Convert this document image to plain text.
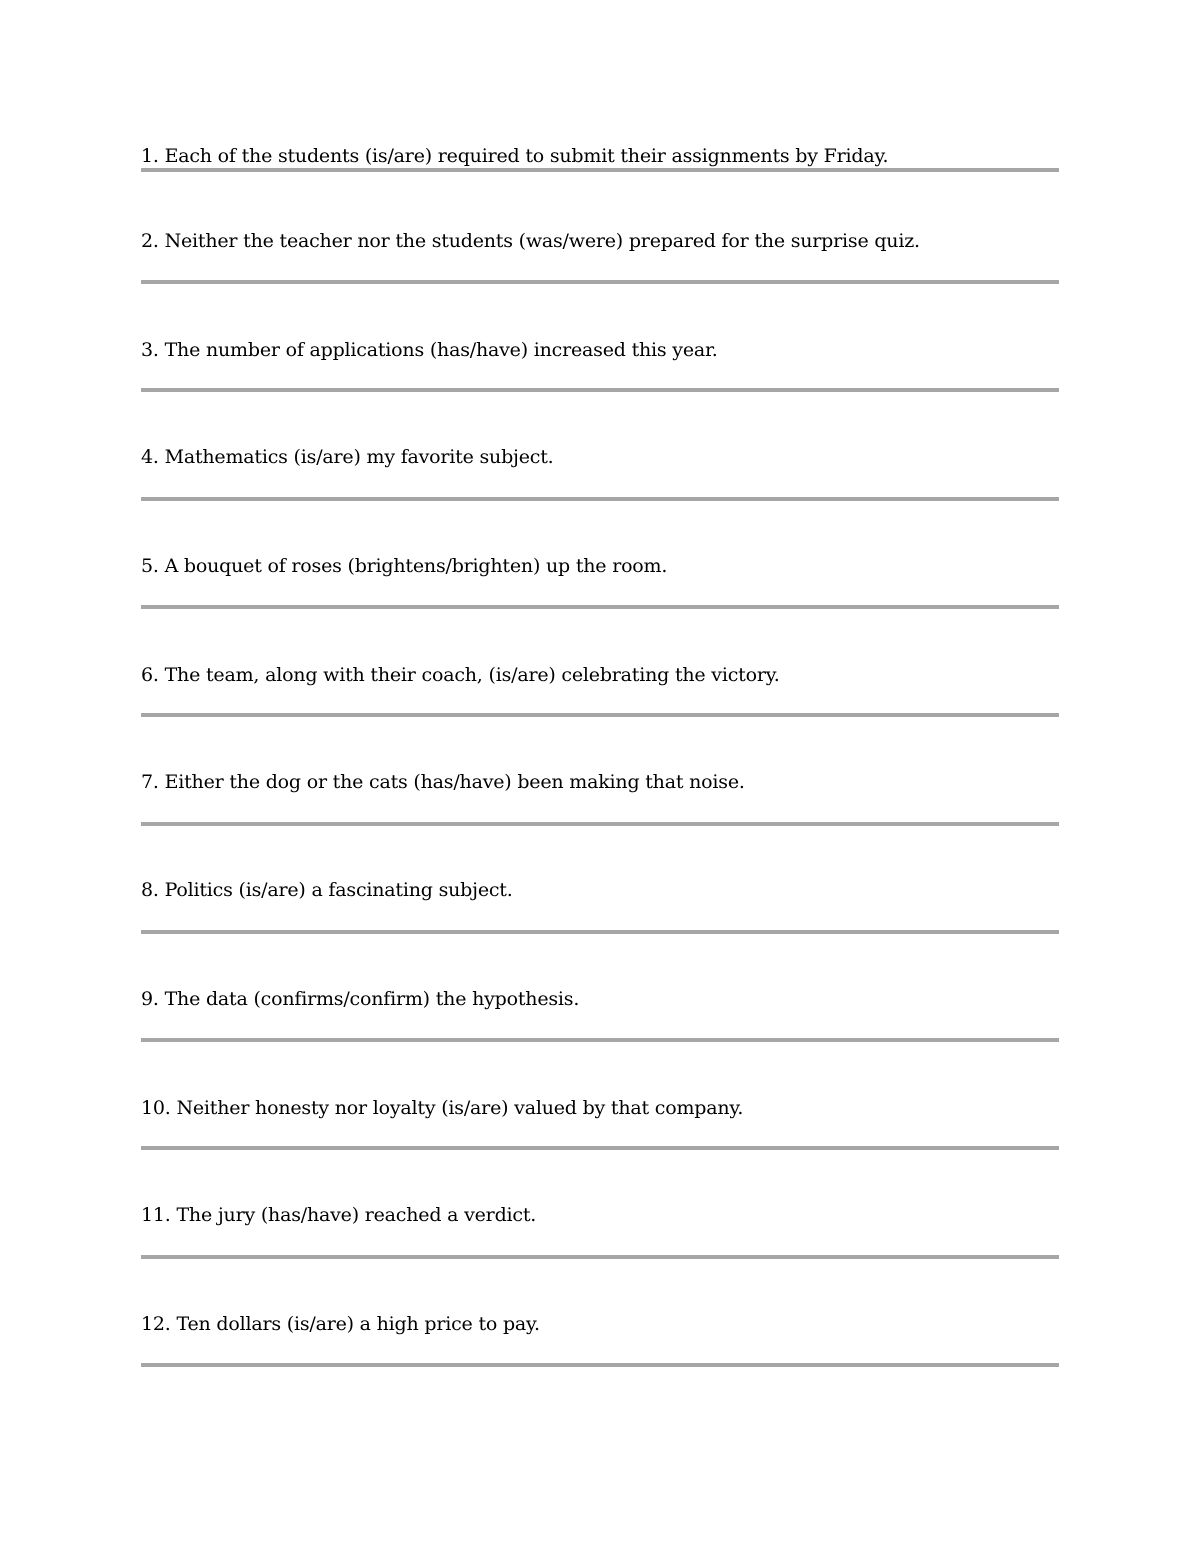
1. Each of the students (is/are) required to submit their assignments by Friday.

2. Neither the teacher nor the students (was/were) prepared for the surprise quiz.

3. The number of applications (has/have) increased this year.

4. Mathematics (is/are) my favorite subject.

5. A bouquet of roses (brightens/brighten) up the room.

6. The team, along with their coach, (is/are) celebrating the victory.

7. Either the dog or the cats (has/have) been making that noise.

8. Politics (is/are) a fascinating subject.

9. The data (confirms/confirm) the hypothesis.

10. Neither honesty nor loyalty (is/are) valued by that company.

11. The jury (has/have) reached a verdict.

12. Ten dollars (is/are) a high price to pay.
